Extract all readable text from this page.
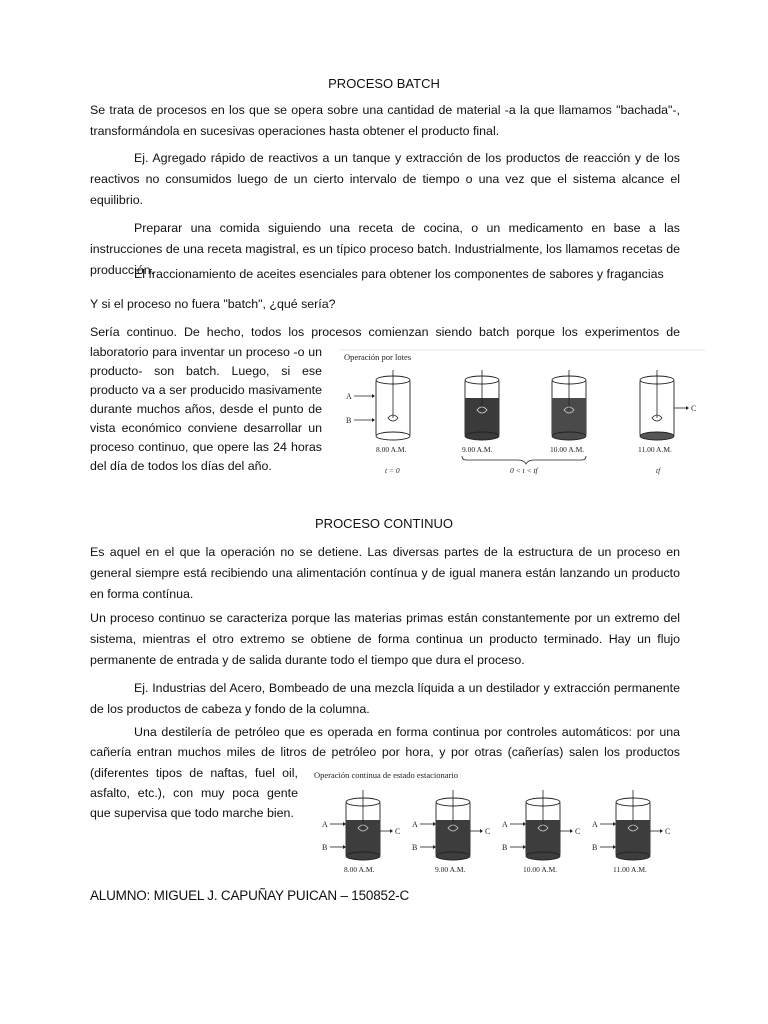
PROCESO BATCH

Se trata de procesos en los que se opera sobre una cantidad de material -a la que llamamos "bachada"-, transformándola en sucesivas operaciones hasta obtener el producto final.

Ej. Agregado rápido de reactivos a un tanque y extracción de los productos de reacción y de los reactivos no consumidos luego de un cierto intervalo de tiempo o una vez que el sistema alcance el equilibrio.

Preparar una comida siguiendo una receta de cocina, o un medicamento en base a las instrucciones de una receta magistral, es un típico proceso batch. Industrialmente, los llamamos recetas de producción.

El fraccionamiento de aceites esenciales para obtener los componentes de sabores y fragancias

Y si el proceso no fuera "batch", ¿qué sería?

Sería continuo. De hecho, todos los procesos comienzan siendo batch porque los experimentos de

laboratorio para inventar un proceso -o un
producto- son batch. Luego, si ese
producto va a ser producido masivamente
durante muchos años, desde el punto de
vista económico conviene desarrollar un
proceso continuo, que opere las 24 horas
del día de todos los días del año.
Operación por lotes
A
B
8.00 A.M.
t = 0
9.00 A.M.	10.00 A.M.
C
11.00 A.M.
tf
0 < t < tf
PROCESO CONTINUO

Es aquel en el que la operación no se detiene. Las diversas partes de la estructura de un proceso en general siempre está recibiendo una alimentación contínua y de igual manera están lanzando un producto en forma contínua.

Un proceso continuo se caracteriza porque las materias primas están constantemente por un extremo del sistema, mientras el otro extremo se obtiene de forma continua un producto terminado. Hay un flujo permanente de entrada y de salida durante todo el tiempo que dura el proceso.

Ej. Industrias del Acero, Bombeado de una mezcla líquida a un destilador y extracción permanente de los productos de cabeza y fondo de la columna.

Una destilería de petróleo que es operada en forma continua por controles automáticos: por una

cañería entran muchos miles de litros de petróleo por hora, y por otras (cañerías) salen los productos

(diferentes tipos de naftas, fuel oil,
asfalto, etc.), con muy poca gente
que supervisa que todo marche bien.
Operación continua de estado estacionario
A
B
C
8.00 A.M.
A
B
C
9.00 A.M.
A
B
C
10.00 A.M.
A
B
C
11.00 A.M.
ALUMNO: MIGUEL J. CAPUÑAY PUICAN – 150852-C
